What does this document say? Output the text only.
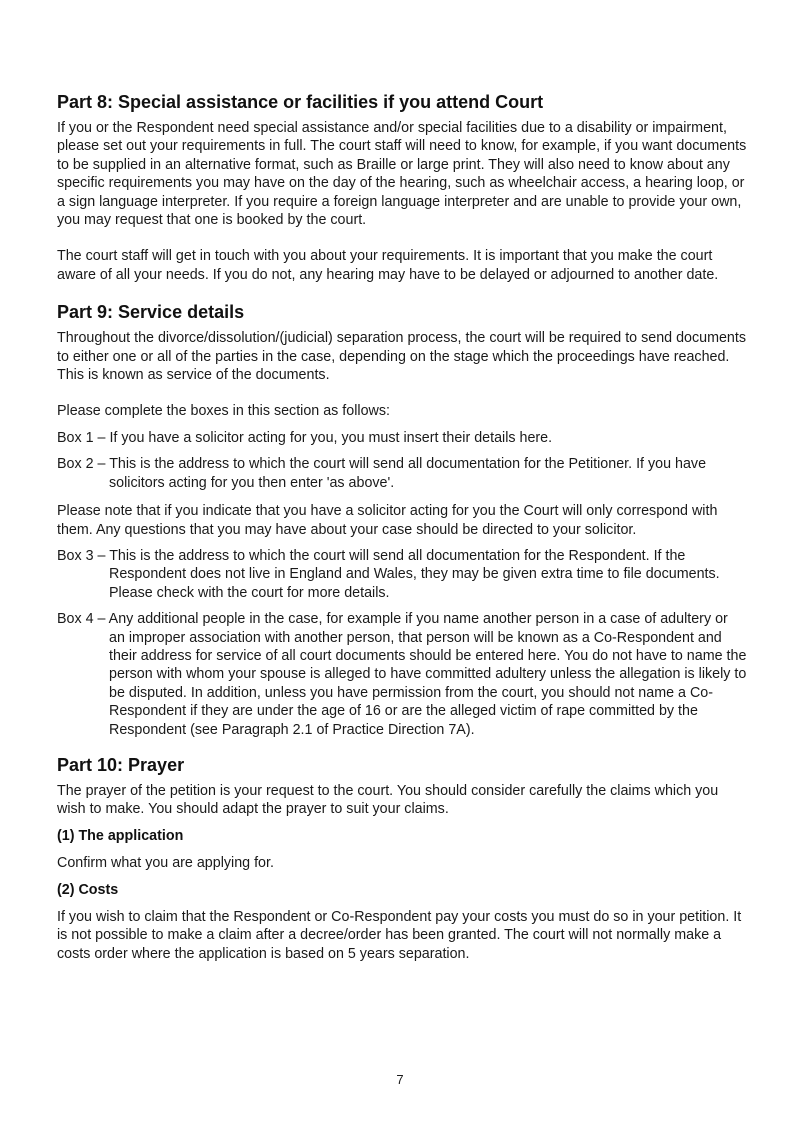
Part 8: Special assistance or facilities if you attend Court

If you or the Respondent need special assistance and/or special facilities due to a disability or impairment, please set out your requirements in full. The court staff will need to know, for example, if you want documents to be supplied in an alternative format, such as Braille or large print. They will also need to know about any specific requirements you may have on the day of the hearing, such as wheelchair access, a hearing loop, or a sign language interpreter. If you require a foreign language interpreter and are unable to provide your own, you may request that one is booked by the court.

The court staff will get in touch with you about your requirements. It is important that you make the court aware of all your needs. If you do not, any hearing may have to be delayed or adjourned to another date.

Part 9: Service details

Throughout the divorce/dissolution/(judicial) separation process, the court will be required to send documents to either one or all of the parties in the case, depending on the stage which the proceedings have reached. This is known as service of the documents.

Please complete the boxes in this section as follows:

Box 1 – If you have a solicitor acting for you, you must insert their details here.

Box 2 – This is the address to which the court will send all documentation for the Petitioner. If you have solicitors acting for you then enter 'as above'.

Please note that if you indicate that you have a solicitor acting for you the Court will only correspond with them. Any questions that you may have about your case should be directed to your solicitor.

Box 3 – This is the address to which the court will send all documentation for the Respondent. If the Respondent does not live in England and Wales, they may be given extra time to file documents. Please check with the court for more details.

Box 4 – Any additional people in the case, for example if you name another person in a case of adultery or an improper association with another person, that person will be known as a Co-Respondent and their address for service of all court documents should be entered here. You do not have to name the person with whom your spouse is alleged to have committed adultery unless the allegation is likely to be disputed. In addition, unless you have permission from the court, you should not name a Co-Respondent if they are under the age of 16 or are the alleged victim of rape committed by the Respondent (see Paragraph 2.1 of Practice Direction 7A).

Part 10: Prayer

The prayer of the petition is your request to the court. You should consider carefully the claims which you wish to make. You should adapt the prayer to suit your claims.

(1) The application

Confirm what you are applying for.

(2) Costs

If you wish to claim that the Respondent or Co-Respondent pay your costs you must do so in your petition. It is not possible to make a claim after a decree/order has been granted. The court will not normally make a costs order where the application is based on 5 years separation.

7
